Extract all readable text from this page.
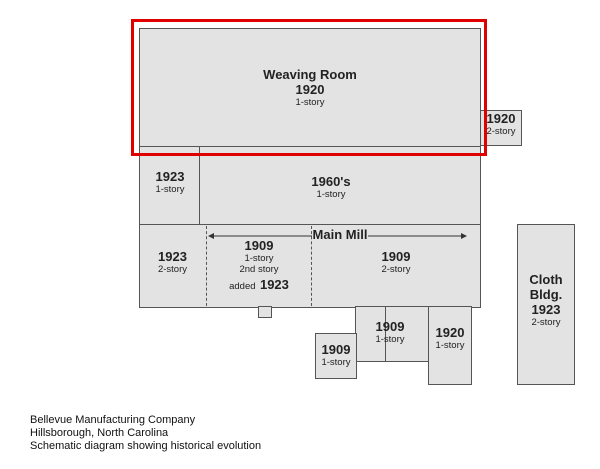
Weaving Room
1920
1-story
1920
2-story
1923
1-story
1960's
1-story
Main Mill
1923
2-story
1909
1-story
2nd story
added 1923
1909
2-story
1909
1-story
1909
1-story
1920
1-story
Cloth
Bldg.
1923
2-story
Bellevue Manufacturing Company
Hillsborough, North Carolina
Schematic diagram showing historical evolution
